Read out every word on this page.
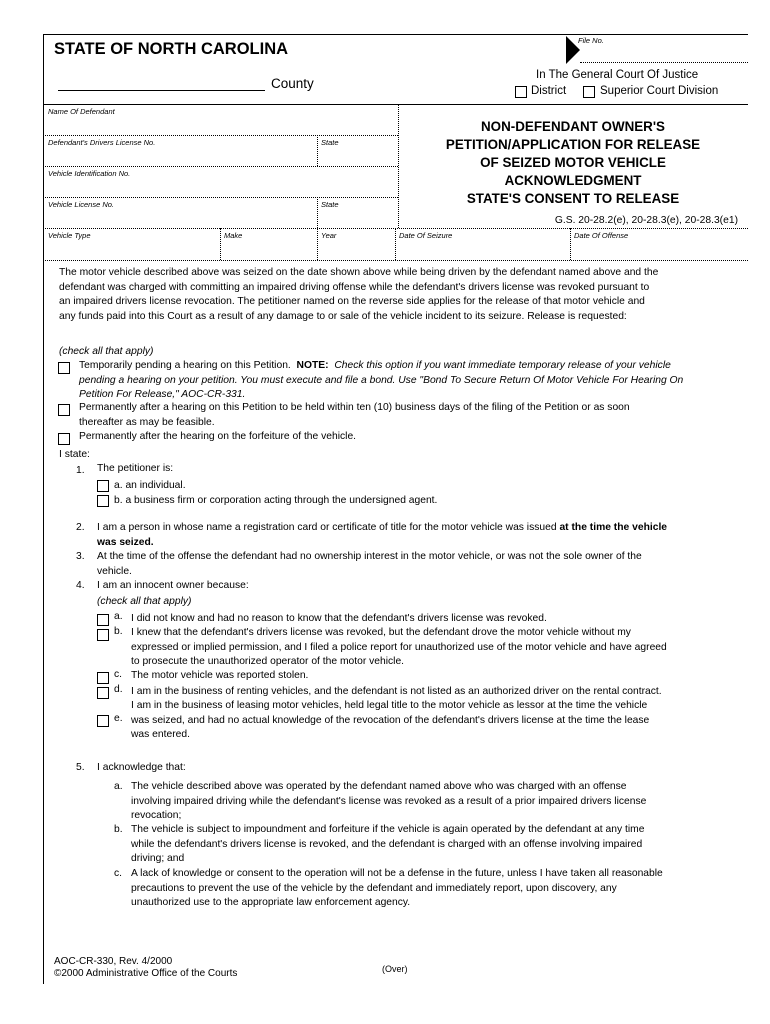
STATE OF NORTH CAROLINA	File No.
County
In The General Court Of Justice
District	Superior Court Division
Name Of Defendant
Defendant's Drivers License No.	State
Vehicle Identification No.
Vehicle License No.	State
Vehicle Type	Make	Year	Date Of Seizure	Date Of Offense
NON-DEFENDANT OWNER'S
PETITION/APPLICATION FOR RELEASE
OF SEIZED MOTOR VEHICLE
ACKNOWLEDGMENT
STATE'S CONSENT TO RELEASE
G.S. 20-28.2(e), 20-28.3(e), 20-28.3(e1)
The motor vehicle described above was seized on the date shown above while being driven by the defendant named above and the
defendant was charged with committing an impaired driving offense while the defendant's drivers license was revoked pursuant to
an impaired drivers license revocation. The petitioner named on the reverse side applies for the release of that motor vehicle and
any funds paid into this Court as a result of any damage to or sale of the vehicle incident to its seizure. Release is requested:
(check all that apply)
Temporarily pending a hearing on this Petition. NOTE: Check this option if you want immediate temporary release of your vehicle
pending a hearing on your petition. You must execute and file a bond. Use "Bond To Secure Return Of Motor Vehicle For Hearing On
Petition For Release," AOC-CR-331.
Permanently after a hearing on this Petition to be held within ten (10) business days of the filing of the Petition or as soon
thereafter as may be feasible.
Permanently after the hearing on the forfeiture of the vehicle.
I state:
1. The petitioner is:
a. an individual.
b. a business firm or corporation acting through the undersigned agent.
2. I am a person in whose name a registration card or certificate of title for the motor vehicle was issued at the time the vehicle
was seized.
3. At the time of the offense the defendant had no ownership interest in the motor vehicle, or was not the sole owner of the
vehicle.
4. I am an innocent owner because:
(check all that apply)
a. I did not know and had no reason to know that the defendant's drivers license was revoked.
b. I knew that the defendant's drivers license was revoked, but the defendant drove the motor vehicle without my
expressed or implied permission, and I filed a police report for unauthorized use of the motor vehicle and have agreed
to prosecute the unauthorized operator of the motor vehicle.
c. The motor vehicle was reported stolen.
d. I am in the business of renting vehicles, and the defendant is not listed as an authorized driver on the rental contract.
e.
I am in the business of leasing motor vehicles, held legal title to the motor vehicle as lessor at the time the vehicle
was seized, and had no actual knowledge of the revocation of the defendant's drivers license at the time the lease
was entered.
5. I acknowledge that:
a. The vehicle described above was operated by the defendant named above who was charged with an offense
involving impaired driving while the defendant's license was revoked as a result of a prior impaired drivers license
revocation;
b. The vehicle is subject to impoundment and forfeiture if the vehicle is again operated by the defendant at any time
while the defendant's drivers license is revoked, and the defendant is charged with an offense involving impaired
driving; and
c. A lack of knowledge or consent to the operation will not be a defense in the future, unless I have taken all reasonable
precautions to prevent the use of the vehicle by the defendant and immediately report, upon discovery, any
unauthorized use to the appropriate law enforcement agency.
AOC-CR-330, Rev. 4/2000
©2000 Administrative Office of the Courts	(Over)
